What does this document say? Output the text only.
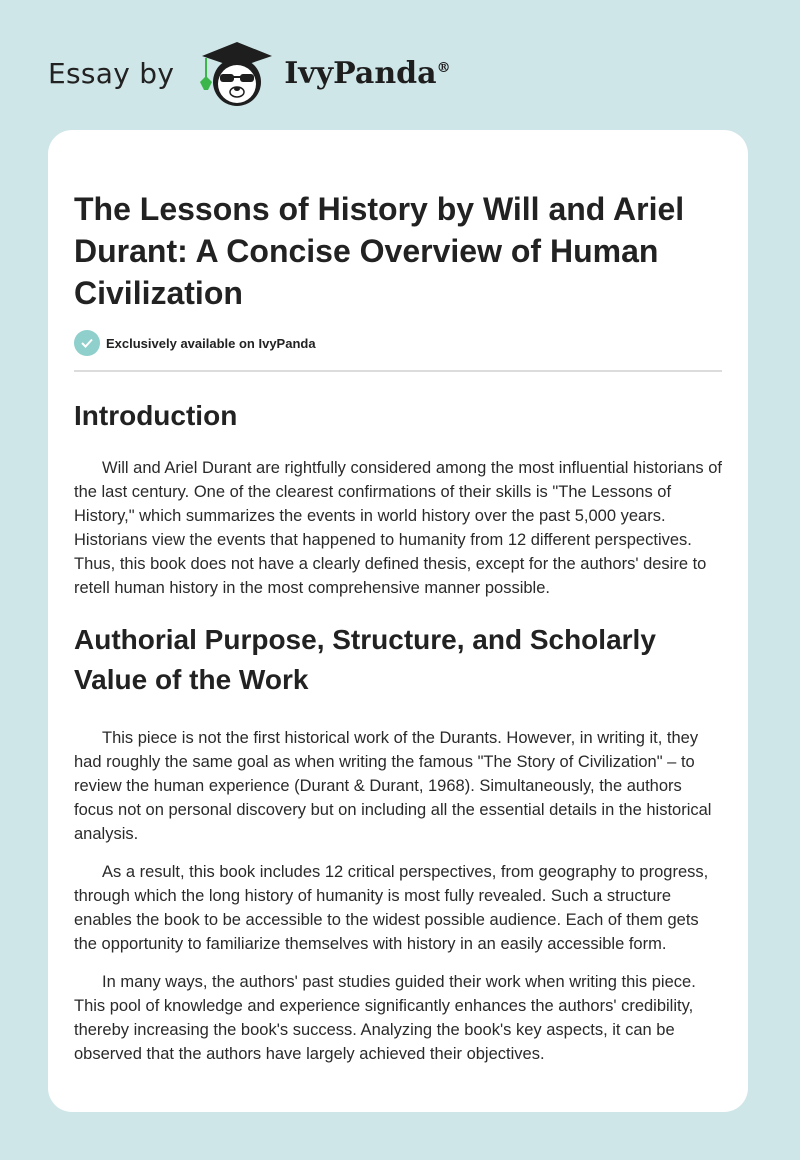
Essay by	IvyPanda®
The Lessons of History by Will and Ariel Durant: A Concise Overview of Human Civilization
Exclusively available on IvyPanda
Introduction

Will and Ariel Durant are rightfully considered among the most influential historians of the last century. One of the clearest confirmations of their skills is "The Lessons of History," which summarizes the events in world history over the past 5,000 years. Historians view the events that happened to humanity from 12 different perspectives. Thus, this book does not have a clearly defined thesis, except for the authors' desire to retell human history in the most comprehensive manner possible.

Authorial Purpose, Structure, and Scholarly Value of the Work

This piece is not the first historical work of the Durants. However, in writing it, they had roughly the same goal as when writing the famous "The Story of Civilization" – to review the human experience (Durant & Durant, 1968). Simultaneously, the authors focus not on personal discovery but on including all the essential details in the historical analysis.

As a result, this book includes 12 critical perspectives, from geography to progress, through which the long history of humanity is most fully revealed. Such a structure enables the book to be accessible to the widest possible audience. Each of them gets the opportunity to familiarize themselves with history in an easily accessible form.

In many ways, the authors' past studies guided their work when writing this piece. This pool of knowledge and experience significantly enhances the authors' credibility, thereby increasing the book's success. Analyzing the book's key aspects, it can be observed that the authors have largely achieved their objectives.
